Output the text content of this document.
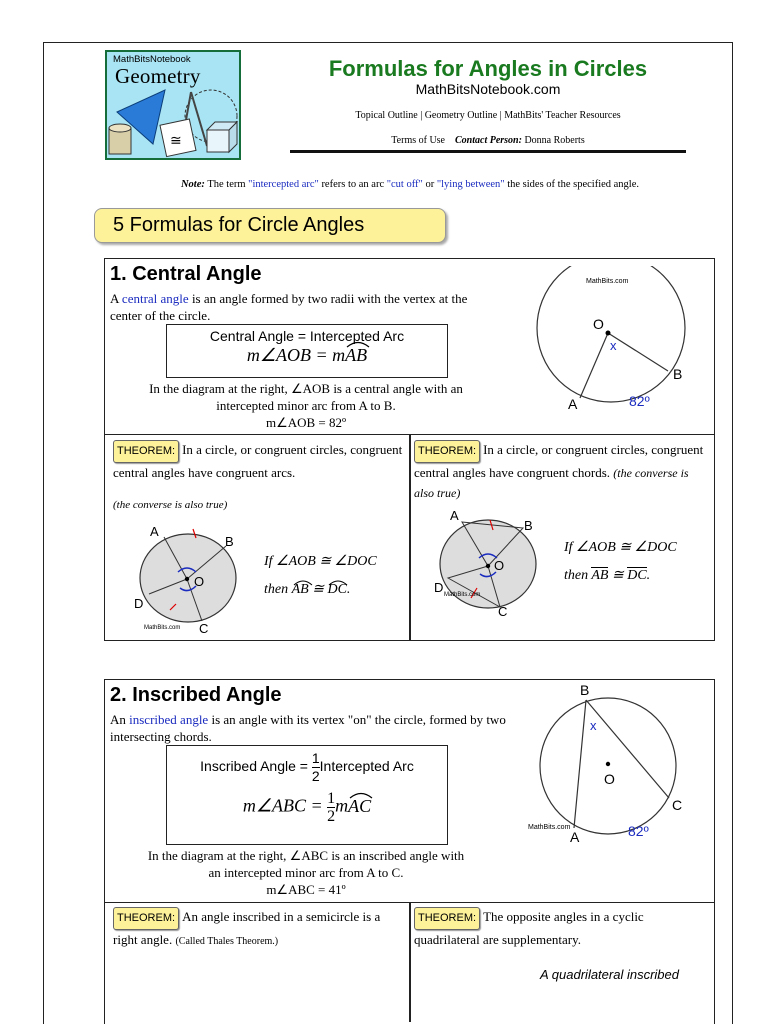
≅
MathBitsNotebook
Geometry	Formulas for Angles in Circles
MathBitsNotebook.com
Topical Outline | Geometry Outline | MathBits' Teacher Resources
Terms of Use Contact Person: Donna Roberts
Note: The term "intercepted arc" refers to an arc "cut off" or "lying between" the sides of the specified angle.
5 Formulas for Circle Angles
1. Central Angle
A central angle is an angle formed by two radii with the vertex at the center of the circle.
Central Angle = Intercepted Arc
m∠AOB = m
AB
In the diagram at the right, ∠AOB is a central angle with an
intercepted minor arc from A to B.
m∠AOB = 82º
MathBits.com
O
x
A
B
82º
THEOREM: In a circle, or congruent circles, congruent central angles have congruent arcs.
(the converse is also true)
A
B
O
D
C
MathBits.com
If ∠AOB ≅ ∠DOC
then
AB ≅
DC.
THEOREM: In a circle, or congruent circles, congruent central angles have congruent chords. (the converse is also true)
A
B
O
D
C
MathBits.com
If ∠AOB ≅ ∠DOC
then AB ≅ DC.
2. Inscribed Angle
An inscribed angle is an angle with its vertex "on" the circle, formed by two intersecting chords.
Inscribed Angle = $\frac{1}{2}$ Intercepted Arc
m∠ABC = $\frac{1}{2}$ m
AC
In the diagram at the right, ∠ABC is an inscribed angle with
an intercepted minor arc from A to C.
m∠ABC = 41º
B
x
O
C
A	82º
MathBits.com
THEOREM: An angle inscribed in a semicircle is a right angle. (Called Thales Theorem.)
THEOREM: The opposite angles in a cyclic quadrilateral are supplementary.
A quadrilateral inscribed
